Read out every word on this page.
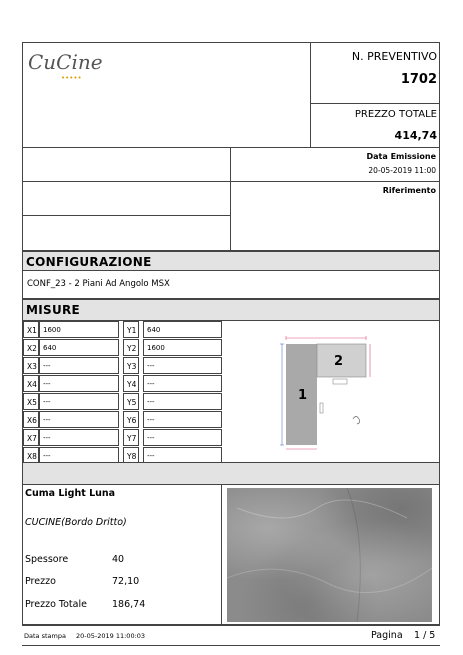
CuCine
•••••
N. PREVENTIVO
1702
PREZZO TOTALE
414,74
Data Emissione
20-05-2019 11:00
Riferimento
CONFIGURAZIONE
CONF_23 - 2 Piani Ad Angolo MSX
MISURE
X1 1600	Y1	640
X2 640	Y2	1600
X3 ---	Y3	---
X4 ---	Y4	---
X5 ---	Y5	---
X6 ---	Y6	---
X7 ---	Y7	---
X8 ---	Y8	---
1
2
Cuma Light Luna
CUCINE(Bordo Dritto)
Spessore	40
Prezzo	72,10
Prezzo Totale	186,74
Data stampa 20-05-2019 11:00:03	Pagina 1 / 5
